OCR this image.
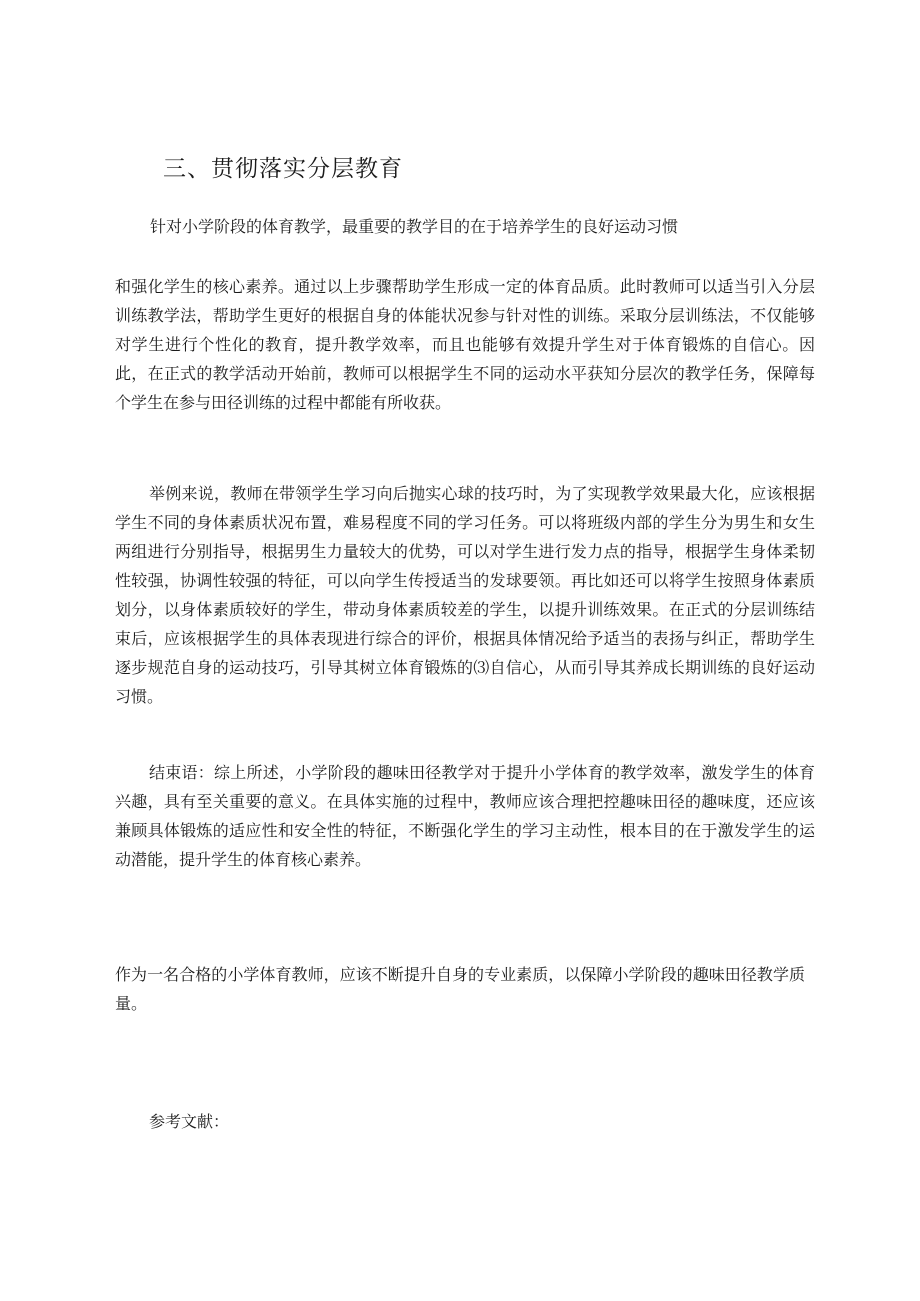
三、贯彻落实分层教育
针对小学阶段的体育教学，最重要的教学目的在于培养学生的良好运动习惯
和强化学生的核心素养。通过以上步骤帮助学生形成一定的体育品质。此时教师可以适当引入分层训练教学法，帮助学生更好的根据自身的体能状况参与针对性的训练。采取分层训练法，不仅能够对学生进行个性化的教育，提升教学效率，而且也能够有效提升学生对于体育锻炼的自信心。因此，在正式的教学活动开始前，教师可以根据学生不同的运动水平获知分层次的教学任务，保障每个学生在参与田径训练的过程中都能有所收获。
举例来说，教师在带领学生学习向后抛实心球的技巧时，为了实现教学效果最大化，应该根据学生不同的身体素质状况布置，难易程度不同的学习任务。可以将班级内部的学生分为男生和女生两组进行分别指导，根据男生力量较大的优势，可以对学生进行发力点的指导，根据学生身体柔韧性较强，协调性较强的特征，可以向学生传授适当的发球要领。再比如还可以将学生按照身体素质划分，以身体素质较好的学生，带动身体素质较差的学生，以提升训练效果。在正式的分层训练结束后，应该根据学生的具体表现进行综合的评价，根据具体情况给予适当的表扬与纠正，帮助学生逐步规范自身的运动技巧，引导其树立体育锻炼的⑶自信心，从而引导其养成长期训练的良好运动习惯。
结束语：综上所述，小学阶段的趣味田径教学对于提升小学体育的教学效率，激发学生的体育兴趣，具有至关重要的意义。在具体实施的过程中，教师应该合理把控趣味田径的趣味度，还应该兼顾具体锻炼的适应性和安全性的特征，不断强化学生的学习主动性，根本目的在于激发学生的运动潜能，提升学生的体育核心素养。
作为一名合格的小学体育教师，应该不断提升自身的专业素质，以保障小学阶段的趣味田径教学质量。
参考文献：
